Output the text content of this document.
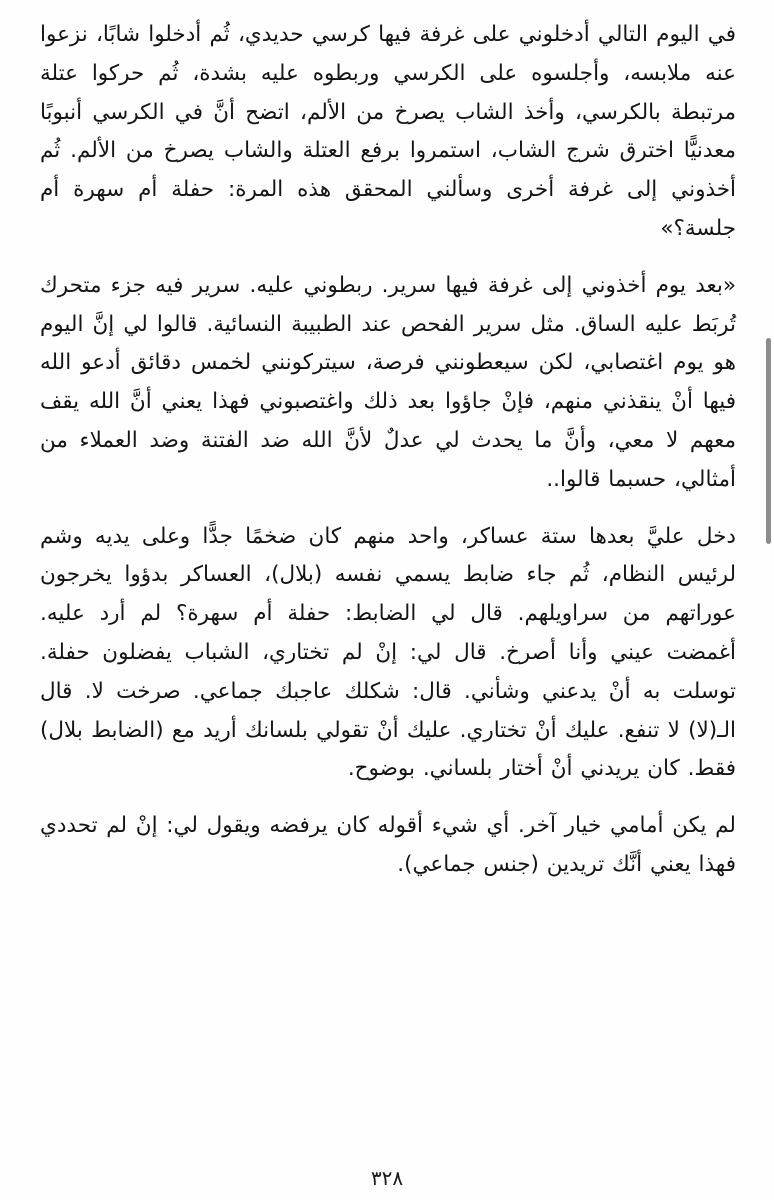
في اليوم التالي أدخلوني على غرفة فيها كرسي حديدي، ثُم أدخلوا شابًا، نزعوا عنه ملابسه، وأجلسوه على الكرسي وربطوه عليه بشدة، ثُم حركوا عتلة مرتبطة بالكرسي، وأخذ الشاب يصرخ من الألم، اتضح أنَّ في الكرسي أنبوبًا معدنيًّا اخترق شرج الشاب، استمروا برفع العتلة والشاب يصرخ من الألم. ثُم أخذوني إلى غرفة أخرى وسألني المحقق هذه المرة: حفلة أم سهرة أم جلسة؟»

«بعد يوم أخذوني إلى غرفة فيها سرير. ربطوني عليه. سرير فيه جزء متحرك تُربَط عليه الساق. مثل سرير الفحص عند الطبيبة النسائية. قالوا لي إنَّ اليوم هو يوم اغتصابي، لكن سيعطونني فرصة، سيتركونني لخمس دقائق أدعو الله فيها أنْ ينقذني منهم، فإنْ جاؤوا بعد ذلك واغتصبوني فهذا يعني أنَّ الله يقف معهم لا معي، وأنَّ ما يحدث لي عدلٌ لأنَّ الله ضد الفتنة وضد العملاء من أمثالي، حسبما قالوا..

دخل عليَّ بعدها ستة عساكر، واحد منهم كان ضخمًا جدًّا وعلى يديه وشم لرئيس النظام، ثُم جاء ضابط يسمي نفسه (بلال)، العساكر بدؤوا يخرجون عوراتهم من سراويلهم. قال لي الضابط: حفلة أم سهرة؟ لم أرد عليه. أغمضت عيني وأنا أصرخ. قال لي: إنْ لم تختاري، الشباب يفضلون حفلة. توسلت به أنْ يدعني وشأني. قال: شكلك عاجبك جماعي. صرخت لا. قال الـ(لا) لا تنفع. عليك أنْ تختاري. عليك أنْ تقولي بلسانك أريد مع (الضابط بلال) فقط. كان يريدني أنْ أختار بلساني. بوضوح.

لم يكن أمامي خيار آخر. أي شيء أقوله كان يرفضه ويقول لي: إنْ لم تحددي فهذا يعني أنَّك تريدين (جنس جماعي).

٣٢٨
